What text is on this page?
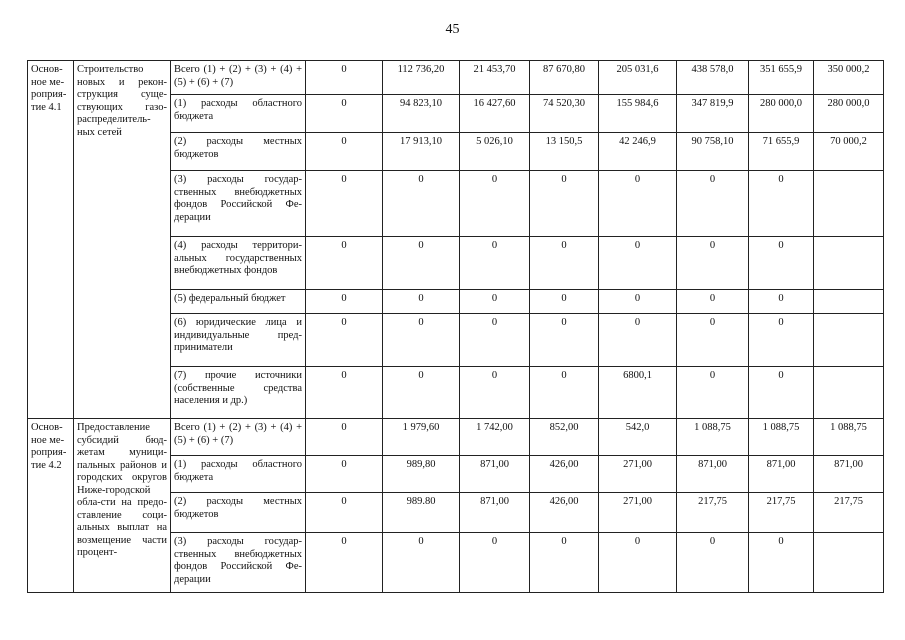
45
Основ-ное ме-роприя-тие 4.1	Строительство новых и рекон-струкция суще-ствующих газо-распределитель-ных сетей	Всего (1) + (2) + (3) + (4) + (5) + (6) + (7)	0	112 736,20	21 453,70	87 670,80	205 031,6	438 578,0	351 655,9	350 000,2
		(1) расходы областного бюджета	0	94 823,10	16 427,60	74 520,30	155 984,6	347 819,9	280 000,0	280 000,0
		(2) расходы местных бюджетов	0	17 913,10	5 026,10	13 150,5	42 246,9	90 758,10	71 655,9	70 000,2
		(3) расходы государ-ственных внебюджетных фондов Российской Фе-дерации	0	0	0	0	0	0	0	
		(4) расходы территори-альных государственных внебюджетных фондов	0	0	0	0	0	0	0	
		(5) федеральный бюджет	0	0	0	0	0	0	0	
		(6) юридические лица и индивидуальные пред-приниматели	0	0	0	0	0	0	0	
		(7) прочие источники (собственные средства населения и др.)	0	0	0	0	6800,1	0	0	
Основ-ное ме-роприя-тие 4.2	Предоставление субсидий бюд-жетам муници-пальных районов и городских округов Ниже-городской обла-сти на предо-ставление соци-альных выплат на возмещение части процент-	Всего (1) + (2) + (3) + (4) + (5) + (6) + (7)	0	1 979,60	1 742,00	852,00	542,0	1 088,75	1 088,75	1 088,75
		(1) расходы областного бюджета	0	989,80	871,00	426,00	271,00	871,00	871,00	871,00
		(2) расходы местных бюджетов	0	989.80	871,00	426,00	271,00	217,75	217,75	217,75
		(3) расходы государ-ственных внебюджетных фондов Российской Фе-дерации	0	0	0	0	0	0	0	
